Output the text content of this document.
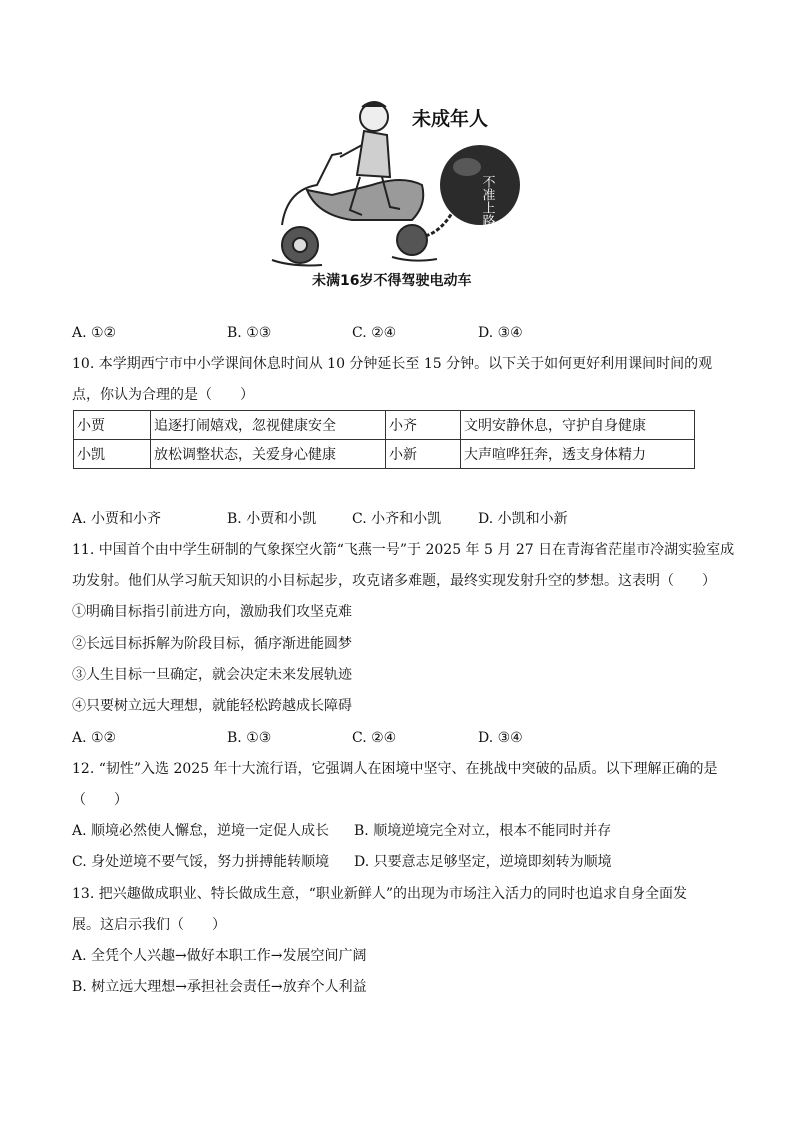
未成年人
不准上路
未满16岁不得驾驶电动车
A. ①②	B. ①③	C. ②④	D. ③④
10. 本学期西宁市中小学课间休息时间从 10 分钟延长至 15 分钟。以下关于如何更好利用课间时间的观
点，你认为合理的是（　　）
小贾	追逐打闹嬉戏，忽视健康安全	小齐	文明安静休息，守护自身健康
小凯	放松调整状态，关爱身心健康	小新	大声喧哗狂奔，透支身体精力
A. 小贾和小齐	B. 小贾和小凯	C. 小齐和小凯	D. 小凯和小新
11. 中国首个由中学生研制的气象探空火箭“飞燕一号”于 2025 年 5 月 27 日在青海省茫崖市冷湖实验室成
功发射。他们从学习航天知识的小目标起步，攻克诸多难题，最终实现发射升空的梦想。这表明（　　）
①明确目标指引前进方向，激励我们攻坚克难
②长远目标拆解为阶段目标，循序渐进能圆梦
③人生目标一旦确定，就会决定未来发展轨迹
④只要树立远大理想，就能轻松跨越成长障碍
A. ①②	B. ①③	C. ②④	D. ③④
12. “韧性”入选 2025 年十大流行语，它强调人在困境中坚守、在挑战中突破的品质。以下理解正确的是
（　　）
A. 顺境必然使人懈怠，逆境一定促人成长 B. 顺境逆境完全对立，根本不能同时并存
C. 身处逆境不要气馁，努力拼搏能转顺境 D. 只要意志足够坚定，逆境即刻转为顺境
13. 把兴趣做成职业、特长做成生意，“职业新鲜人”的出现为市场注入活力的同时也追求自身全面发
展。这启示我们（　　）
A. 全凭个人兴趣→做好本职工作→发展空间广阔
B. 树立远大理想→承担社会责任→放弃个人利益
